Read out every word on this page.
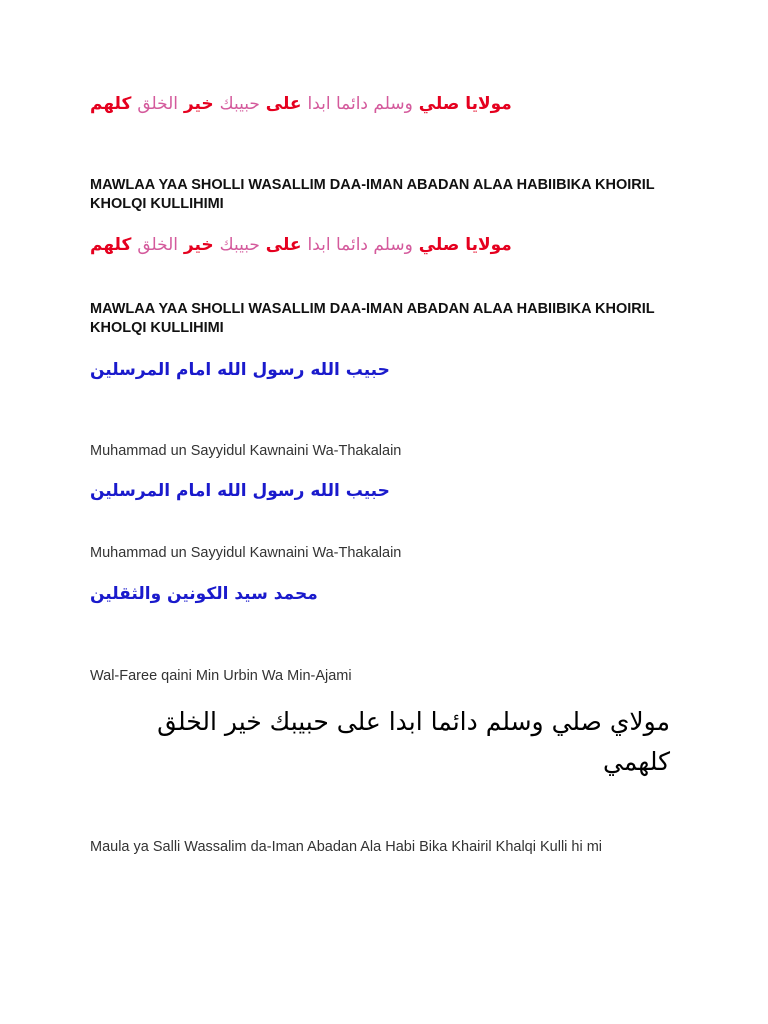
مولايا صلي وسلم دائما ابدا على حبيبك خير الخلق كلهم
MAWLAA YAA SHOLLI WASALLIM DAA-IMAN ABADAN ALAA HABIIBIKA KHOIRIL KHOLQI KULLIHIMI
مولايا صلي وسلم دائما ابدا على حبيبك خير الخلق كلهم
MAWLAA YAA SHOLLI WASALLIM DAA-IMAN ABADAN ALAA HABIIBIKA KHOIRIL KHOLQI KULLIHIMI
حبيب الله رسول الله امام المرسلين
Muhammad un Sayyidul Kawnaini Wa-Thakalain
حبيب الله رسول الله امام المرسلين
Muhammad un Sayyidul Kawnaini Wa-Thakalain
محمد سيد الكونين والثقلين
Wal-Faree qaini Min Urbin Wa Min-Ajami
مولاي صلي وسلم دائما ابدا على حبيبك خير الخلق كلهمي
Maula ya Salli Wassalim da-Iman Abadan Ala Habi Bika Khairil Khalqi Kulli hi mi
